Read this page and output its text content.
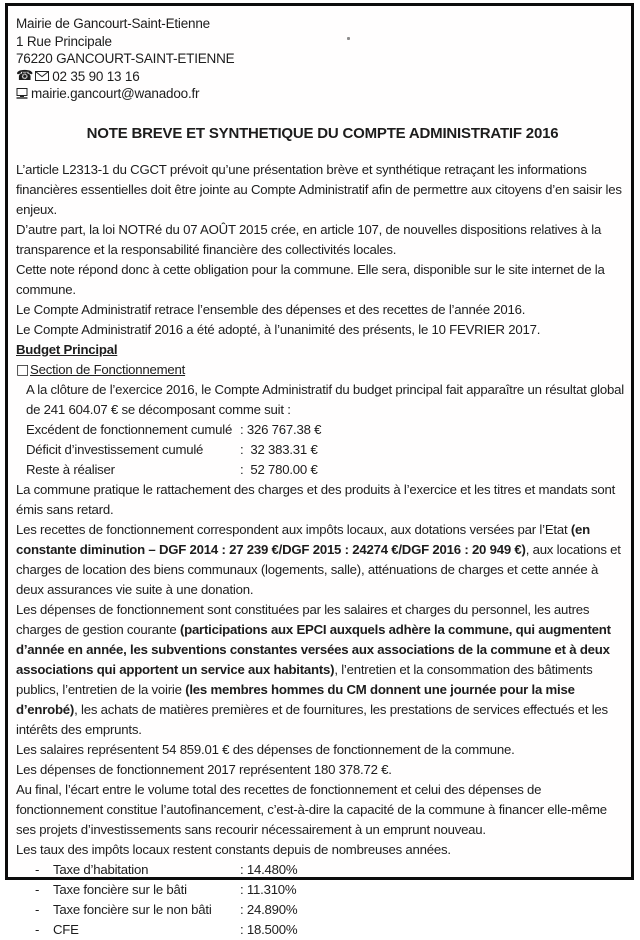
Mairie de Gancourt-Saint-Etienne
1 Rue Principale
76220 GANCOURT-SAINT-ETIENNE
☎ 02 35 90 13 16
mairie.gancourt@wanadoo.fr
NOTE BREVE ET SYNTHETIQUE DU COMPTE ADMINISTRATIF 2016
L’article L2313-1 du CGCT prévoit qu’une présentation brève et synthétique retraçant les informations financières essentielles doit être jointe au Compte Administratif afin de permettre aux citoyens d’en saisir les enjeux.
D’autre part, la loi NOTRé du 07 AOÛT 2015 crée, en article 107, de nouvelles dispositions relatives à la transparence et la responsabilité financière des collectivités locales.
Cette note répond donc à cette obligation pour la commune. Elle sera, disponible sur le site internet de la commune.
Le Compte Administratif retrace l’ensemble des dépenses et des recettes de l’année 2016.
Le Compte Administratif 2016 a été adopté, à l’unanimité des présents, le 10 FEVRIER 2017.
Budget Principal
□Section de Fonctionnement
A la clôture de l’exercice 2016, le Compte Administratif du budget principal fait apparaître un résultat global de 241 604.07 € se décomposant comme suit :
Excédent de fonctionnement cumulé : 326 767.38 €
Déficit d’investissement cumulé	:  32 383.31 €
Reste à réaliser	:  52 780.00 €
La commune pratique le rattachement des charges et des produits à l’exercice et les titres et mandats sont émis sans retard.
Les recettes de fonctionnement correspondent aux impôts locaux, aux dotations versées par l’Etat (en constante diminution – DGF 2014 : 27 239 €/DGF 2015 : 24274 €/DGF 2016 : 20 949 €), aux locations et charges de location des biens communaux (logements, salle), atténuations de charges et cette année à deux assurances vie suite à une donation.
Les dépenses de fonctionnement sont constituées par les salaires et charges du personnel, les autres charges de gestion courante (participations aux EPCI auxquels adhère la commune, qui augmentent d’année en année, les subventions constantes versées aux associations de la commune et à deux associations qui apportent un service aux habitants), l’entretien et la consommation des bâtiments publics, l’entretien de la voirie (les membres hommes du CM donnent une journée pour la mise d’enrobé), les achats de matières premières et de fournitures, les prestations de services effectués et les intérêts des emprunts.
Les salaires représentent 54 859.01 € des dépenses de fonctionnement de la commune.
Les dépenses de fonctionnement 2017 représentent 180 378.72 €.
Au final, l’écart entre le volume total des recettes de fonctionnement et celui des dépenses de fonctionnement constitue l’autofinancement, c’est-à-dire la capacité de la commune à financer elle-même ses projets d’investissements sans recourir nécessairement à un emprunt nouveau.
Les taux des impôts locaux restent constants depuis de nombreuses années.
-	Taxe d’habitation	: 14.480%
-	Taxe foncière sur le bâti	: 11.310%
-	Taxe foncière sur le non bâti	: 24.890%
-	CFE	: 18.500%
